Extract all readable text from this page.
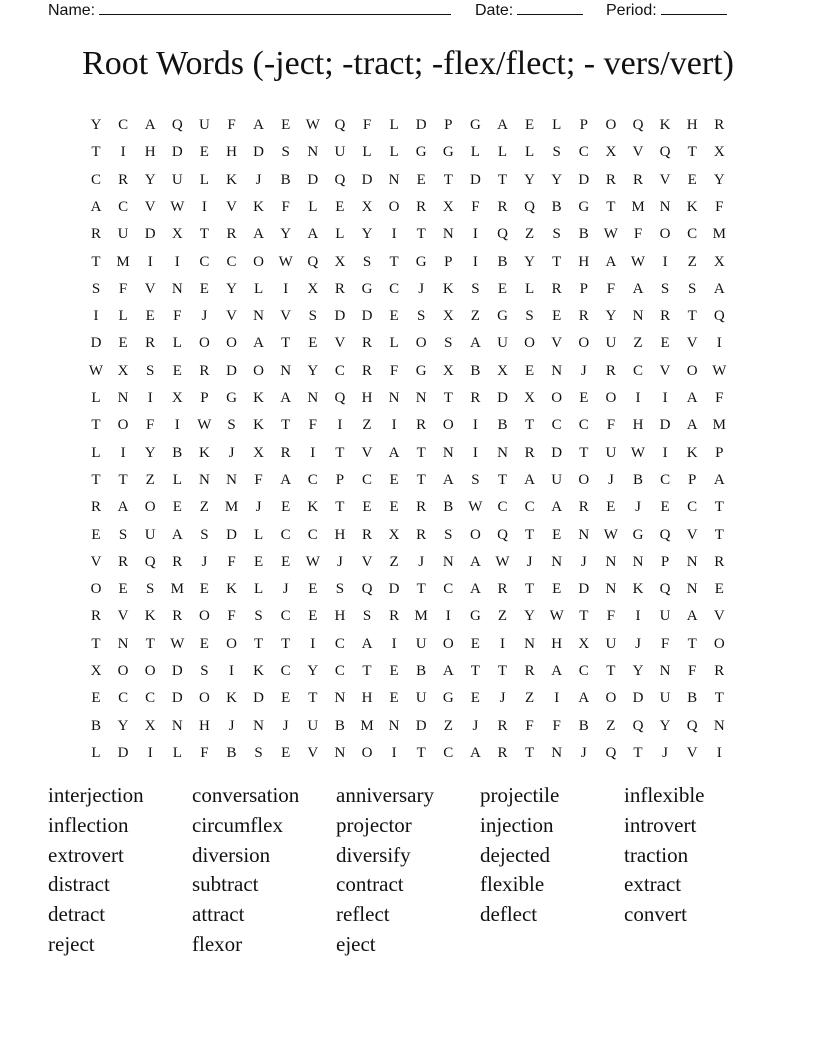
Name:	Date:	Period:
Root Words (-ject; -tract; -flex/flect; - vers/vert)
Y	C	A	Q	U	F	A	E	W Q	F	L	D	P	G	A	E	L	P	O	Q	K	H	R
T	I	H	D	E	H	D	S	N	U	L	L	G	G	L	L	L	S	C	X	V	Q	T	X
C	R	Y	U	L	K	J	B	D	Q	D	N	E	T	D	T	Y	Y	D	R	R	V	E	Y
A	C	V W	I	V	K	F	L	E	X	O	R	X	F	R	Q	B	G	T	M	N	K	F
R	U	D	X	T	R	A	Y	A	L	Y	I	T	N	I	Q	Z	S	B	W	F	O	C	M
T	M	I	I	C	C	O W Q	X	S	T	G	P	I	B	Y	T	H	A W	I	Z	X
S	F	V	N	E	Y	L	I	X	R	G	C	J	K	S	E	L	R	P	F	A	S	S	A
I	L	E	F	J	V	N	V	S	D	D	E	S	X	Z	G	S	E	R	Y	N	R	T	Q
D	E	R	L	O	O	A	T	E	V	R	L	O	S	A	U	O	V	O	U	Z	E	V	I
W X	S	E	R	D	O	N	Y	C	R	F	G	X	B	X	E	N	J	R	C	V	O W
L	N	I	X	P	G	K	A	N	Q	H	N	N	T	R	D	X	O	E	O	I	I	A	F
T	O	F	I	W	S	K	T	F	I	Z	I	R	O	I	B	T	C	C	F	H	D	A	M
L	I	Y	B	K	J	X	R	I	T	V	A	T	N	I	N	R	D	T	U W	I	K	P
T	T	Z	L	N	N	F	A	C	P	C	E	T	A	S	T	A	U	O	J	B	C	P	A
R	A	O	E	Z	M	J	E	K	T	E	E	R	B	W	C	C	A	R	E	J	E	C	T
E	S	U	A	S	D	L	C	C	H	R	X	R	S	O	Q	T	E	N W G	Q	V	T
V	R	Q	R	J	F	E	E	W	J	V	Z	J	N	A W	J	N	J	N	N	P	N	R
O	E	S	M	E	K	L	J	E	S	Q	D	T	C	A	R	T	E	D	N	K	Q	N	E
R	V	K	R	O	F	S	C	E	H	S	R	M	I	G	Z	Y W	T	F	I	U	A	V
T	N	T	W	E	O	T	T	I	C	A	I	U	O	E	I	N	H	X	U	J	F	T	O
X	O	O	D	S	I	K	C	Y	C	T	E	B	A	T	T	R	A	C	T	Y	N	F	R
E	C	C	D	O	K	D	E	T	N	H	E	U	G	E	J	Z	I	A	O	D	U	B	T
B	Y	X	N	H	J	N	J	U	B	M	N	D	Z	J	R	F	F	B	Z	Q	Y	Q	N
L	D	I	L	F	B	S	E	V	N	O	I	T	C	A	R	T	N	J	Q	T	J	V	I
interjection conversation anniversary projectile	inflexible
inflection	circumflex	projector	injection	introvert
extrovert	diversion	diversify	dejected	traction
distract	subtract	contract	flexible	extract
detract	attract	reflect	deflect	convert
reject	flexor	eject
